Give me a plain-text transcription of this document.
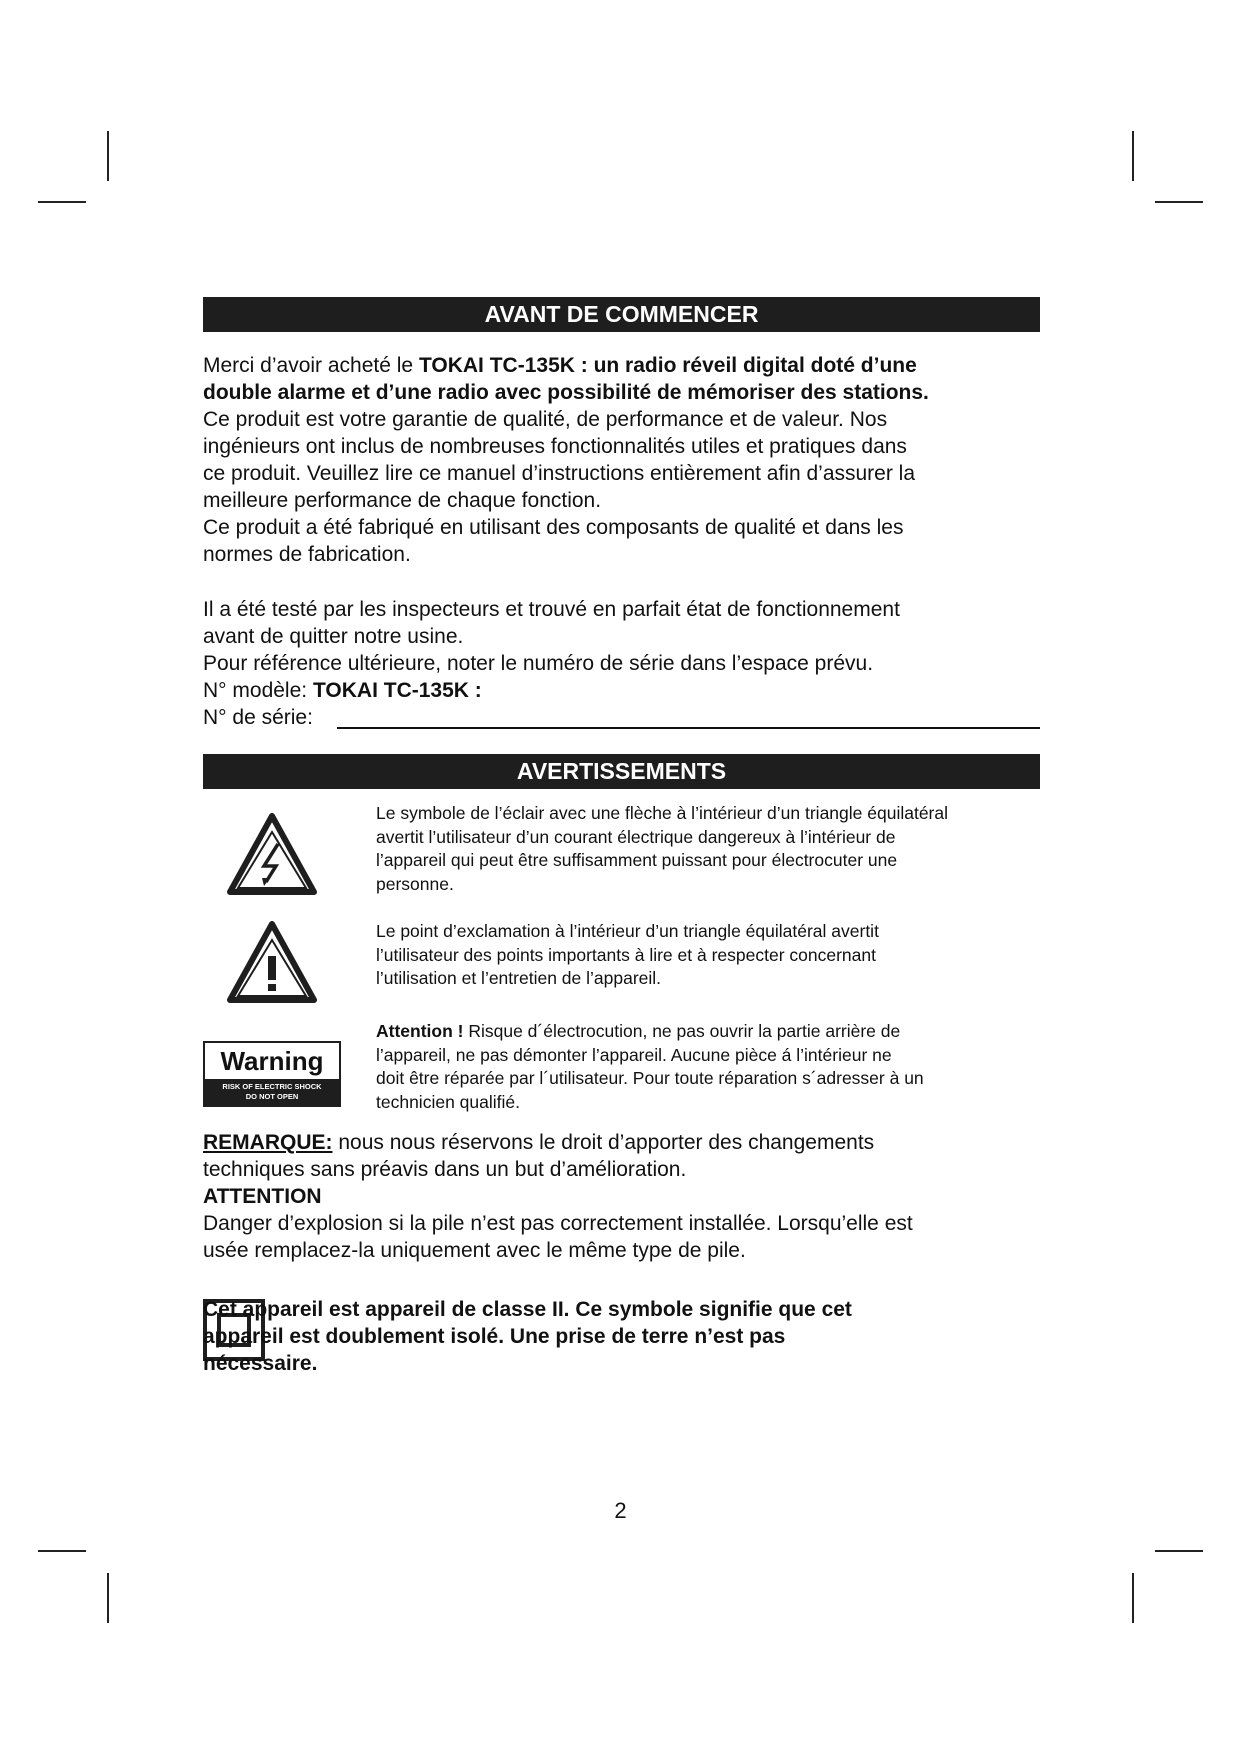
AVANT DE COMMENCER
Merci d’avoir acheté le TOKAI TC-135K : un radio réveil digital doté d’une
double alarme et d’une radio avec possibilité de mémoriser des stations.
Ce produit est votre garantie de qualité, de performance et de valeur. Nos
ingénieurs ont inclus de nombreuses fonctionnalités utiles et pratiques dans
ce produit. Veuillez lire ce manuel d’instructions entièrement afin d’assurer la
meilleure performance de chaque fonction.
Ce produit a été fabriqué en utilisant des composants de qualité et dans les
normes de fabrication.
Il a été testé par les inspecteurs et trouvé en parfait état de fonctionnement
avant de quitter notre usine.
Pour référence ultérieure, noter le numéro de série dans l’espace prévu.
N° modèle: TOKAI TC-135K :
N° de série:
AVERTISSEMENTS
Le symbole de l’éclair avec une flèche à l’intérieur d’un triangle équilatéral
avertit l’utilisateur d’un courant électrique dangereux à l’intérieur de
l’appareil qui peut être suffisamment puissant pour électrocuter une
personne.
Le point d’exclamation à l’intérieur d’un triangle équilatéral avertit
l’utilisateur des points importants à lire et à respecter concernant
l’utilisation et l’entretien de l’appareil.
Warning
RISK OF ELECTRIC SHOCK
DO NOT OPEN
Attention ! Risque d´électrocution, ne pas ouvrir la partie arrière de
l’appareil, ne pas démonter l’appareil. Aucune pièce á l’intérieur ne
doit être réparée par l´utilisateur. Pour toute réparation s´adresser à un
technicien qualifié.
REMARQUE: nous nous réservons le droit d’apporter des changements
techniques sans préavis dans un but d’amélioration.
ATTENTION
Danger d’explosion si la pile n’est pas correctement installée. Lorsqu’elle est
usée remplacez-la uniquement avec le même type de pile.
Cet appareil est appareil de classe II. Ce symbole signifie que cet
appareil est doublement isolé. Une prise de terre n’est pas
nécessaire.
2
